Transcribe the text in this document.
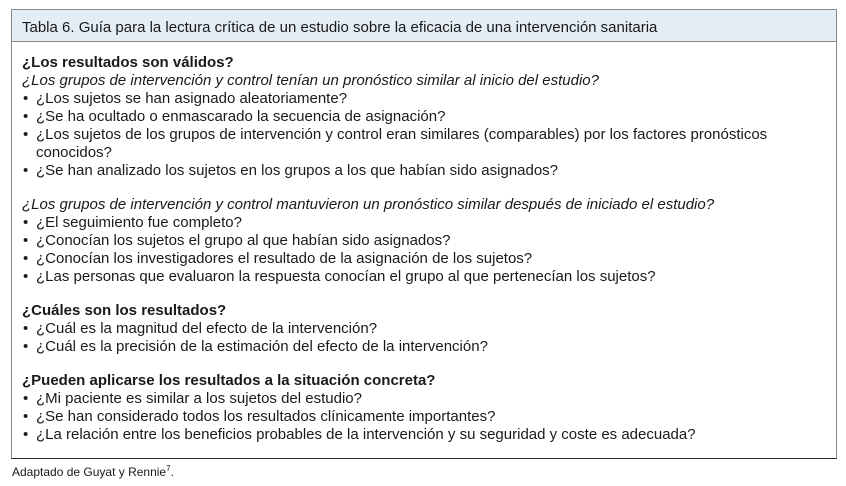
Tabla 6. Guía para la lectura crítica de un estudio sobre la eficacia de una intervención sanitaria
¿Los resultados son válidos?
¿Los grupos de intervención y control tenían un pronóstico similar al inicio del estudio?
• ¿Los sujetos se han asignado aleatoriamente?
• ¿Se ha ocultado o enmascarado la secuencia de asignación?
• ¿Los sujetos de los grupos de intervención y control eran similares (comparables) por los factores pronósticos conocidos?
• ¿Se han analizado los sujetos en los grupos a los que habían sido asignados?
¿Los grupos de intervención y control mantuvieron un pronóstico similar después de iniciado el estudio?
• ¿El seguimiento fue completo?
• ¿Conocían los sujetos el grupo al que habían sido asignados?
• ¿Conocían los investigadores el resultado de la asignación de los sujetos?
• ¿Las personas que evaluaron la respuesta conocían el grupo al que pertenecían los sujetos?
¿Cuáles son los resultados?
• ¿Cuál es la magnitud del efecto de la intervención?
• ¿Cuál es la precisión de la estimación del efecto de la intervención?
¿Pueden aplicarse los resultados a la situación concreta?
• ¿Mi paciente es similar a los sujetos del estudio?
• ¿Se han considerado todos los resultados clínicamente importantes?
• ¿La relación entre los beneficios probables de la intervención y su seguridad y coste es adecuada?
Adaptado de Guyat y Rennie$^7$.
